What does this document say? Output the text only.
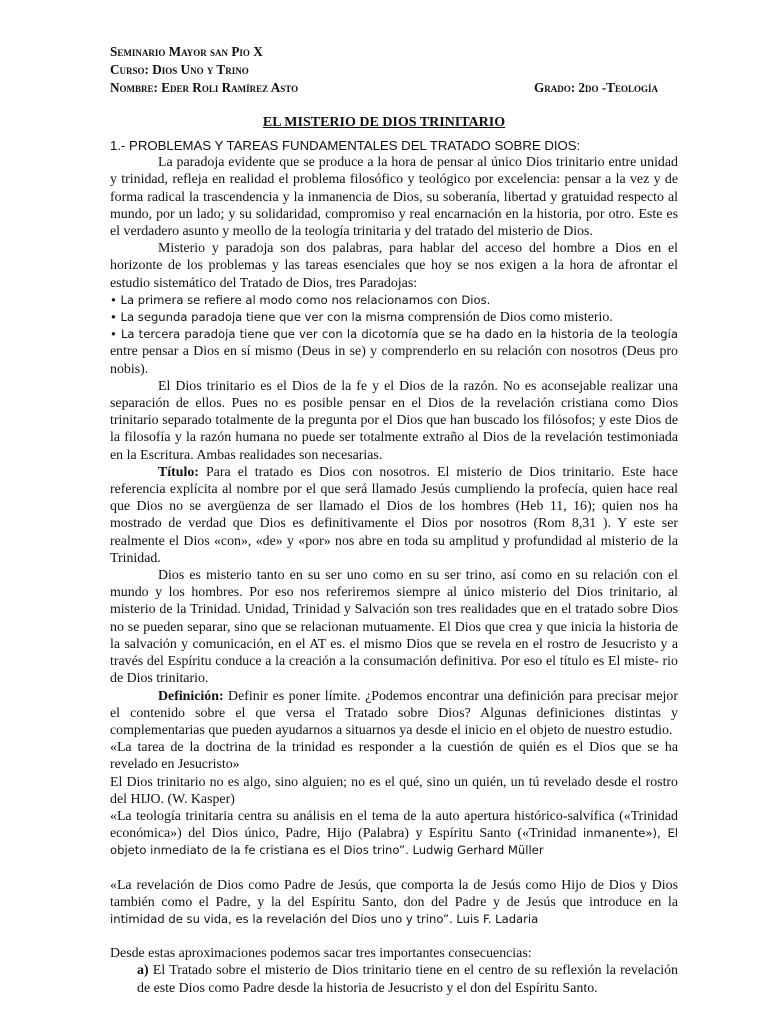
Seminario Mayor san Pio X
Curso: Dios Uno y Trino
Nombre: Eder Roli Ramírez Asto	Grado: 2do -Teología
EL MISTERIO DE DIOS TRINITARIO

1.- PROBLEMAS Y TAREAS FUNDAMENTALES DEL TRATADO SOBRE DIOS:

La paradoja evidente que se produce a la hora de pensar al único Dios trinitario entre unidad y trinidad, refleja en realidad el problema filosófico y teológico por excelencia: pensar a la vez y de forma radical la trascendencia y la inmanencia de Dios, su soberanía, libertad y gratuidad respecto al mundo, por un lado; y su solidaridad, compromiso y real encarnación en la historia, por otro. Este es el verdadero asunto y meollo de la teología trinitaria y del tratado del misterio de Dios.

Misterio y paradoja son dos palabras, para hablar del acceso del hombre a Dios en el horizonte de los problemas y las tareas esenciales que hoy se nos exigen a la hora de afrontar el estudio sistemático del Tratado de Dios, tres Paradojas:

• La primera se refiere al modo como nos relacionamos con Dios.

• La segunda paradoja tiene que ver con la misma comprensión de Dios como misterio.

• La tercera paradoja tiene que ver con la dicotomía que se ha dado en la historia de la teología entre pensar a Dios en sí mismo (Deus in se) y comprenderlo en su relación con nosotros (Deus pro nobis).

El Dios trinitario es el Dios de la fe y el Dios de la razón. No es aconsejable realizar una separación de ellos. Pues no es posible pensar en el Dios de la revelación cristiana como Dios trinitario separado totalmente de la pregunta por el Dios que han buscado los filósofos; y este Dios de la filosofía y la razón humana no puede ser totalmente extraño al Dios de la revelación testimoniada en la Escritura. Ambas realidades son necesarias.

Título: Para el tratado es Dios con nosotros. El misterio de Dios trinitario. Este hace referencia explícita al nombre por el que será llamado Jesús cumpliendo la profecía, quien hace real que Dios no se avergüenza de ser llamado el Dios de los hombres (Heb 11, 16); quien nos ha mostrado de verdad que Dios es definitivamente el Dios por nosotros (Rom 8,31 ). Y este ser realmente el Dios «con», «de» y «por» nos abre en toda su amplitud y profundidad al misterio de la Trinidad.

Dios es misterio tanto en su ser uno como en su ser trino, así como en su relación con el mundo y los hombres. Por eso nos referiremos siempre al único misterio del Dios trinitario, al misterio de la Trinidad. Unidad, Trinidad y Salvación son tres realidades que en el tratado sobre Dios no se pueden separar, sino que se relacionan mutuamente. El Dios que crea y que inicia la historia de la salvación y comunicación, en el AT es. el mismo Dios que se revela en el rostro de Jesucristo y a través del Espíritu conduce a la creación a la consumación definitiva. Por eso el título es El miste- rio de Dios trinitario.

Definición: Definir es poner límite. ¿Podemos encontrar una definición para precisar mejor el contenido sobre el que versa el Tratado sobre Dios? Algunas definiciones distintas y complementarias que pueden ayudarnos a situarnos ya desde el inicio en el objeto de nuestro estudio.

«La tarea de la doctrina de la trinidad es responder a la cuestión de quién es el Dios que se ha revelado en Jesucristo»

El Dios trinitario no es algo, sino alguien; no es el qué, sino un quién, un tú revelado desde el rostro del HIJO. (W. Kasper)

«La teología trinitaria centra su análisis en el tema de la auto apertura histórico-salvífica («Trinidad económica») del Dios único, Padre, Hijo (Palabra) y Espíritu Santo («Trinidad inmanente»), El objeto inmediato de la fe cristiana es el Dios trino”. Ludwig Gerhard Müller

«La revelación de Dios como Padre de Jesús, que comporta la de Jesús como Hijo de Dios y Dios también como el Padre, y la del Espíritu Santo, don del Padre y de Jesús que introduce en la intimidad de su vida, es la revelación del Dios uno y trino”. Luis F. Ladaria

Desde estas aproximaciones podemos sacar tres importantes consecuencias:

a) El Tratado sobre el misterio de Dios trinitario tiene en el centro de su reflexión la revelación de este Dios como Padre desde la historia de Jesucristo y el don del Espíritu Santo.
